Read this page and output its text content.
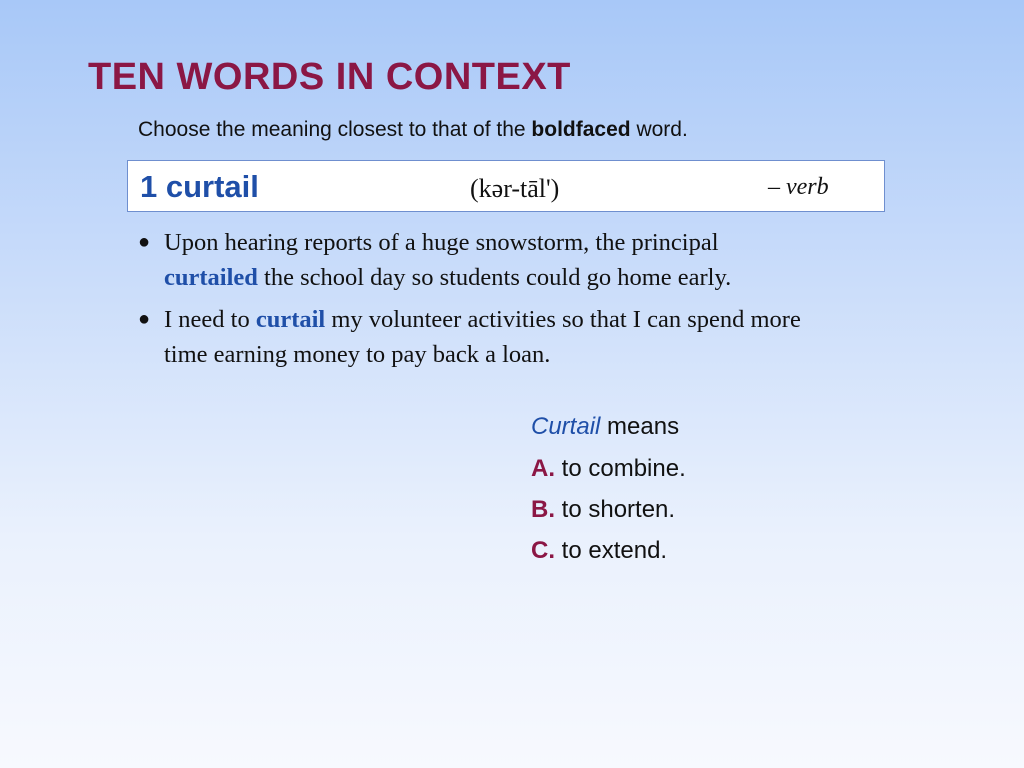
TEN WORDS IN CONTEXT
Choose the meaning closest to that of the boldfaced word.
1 curtail	(kər-tāl')	– verb
● Upon hearing reports of a huge snowstorm, the principal
curtailed the school day so students could go home early.
● I need to curtail my volunteer activities so that I can spend more
time earning money to pay back a loan.
Curtail means
A. to combine.
B. to shorten.
C. to extend.
